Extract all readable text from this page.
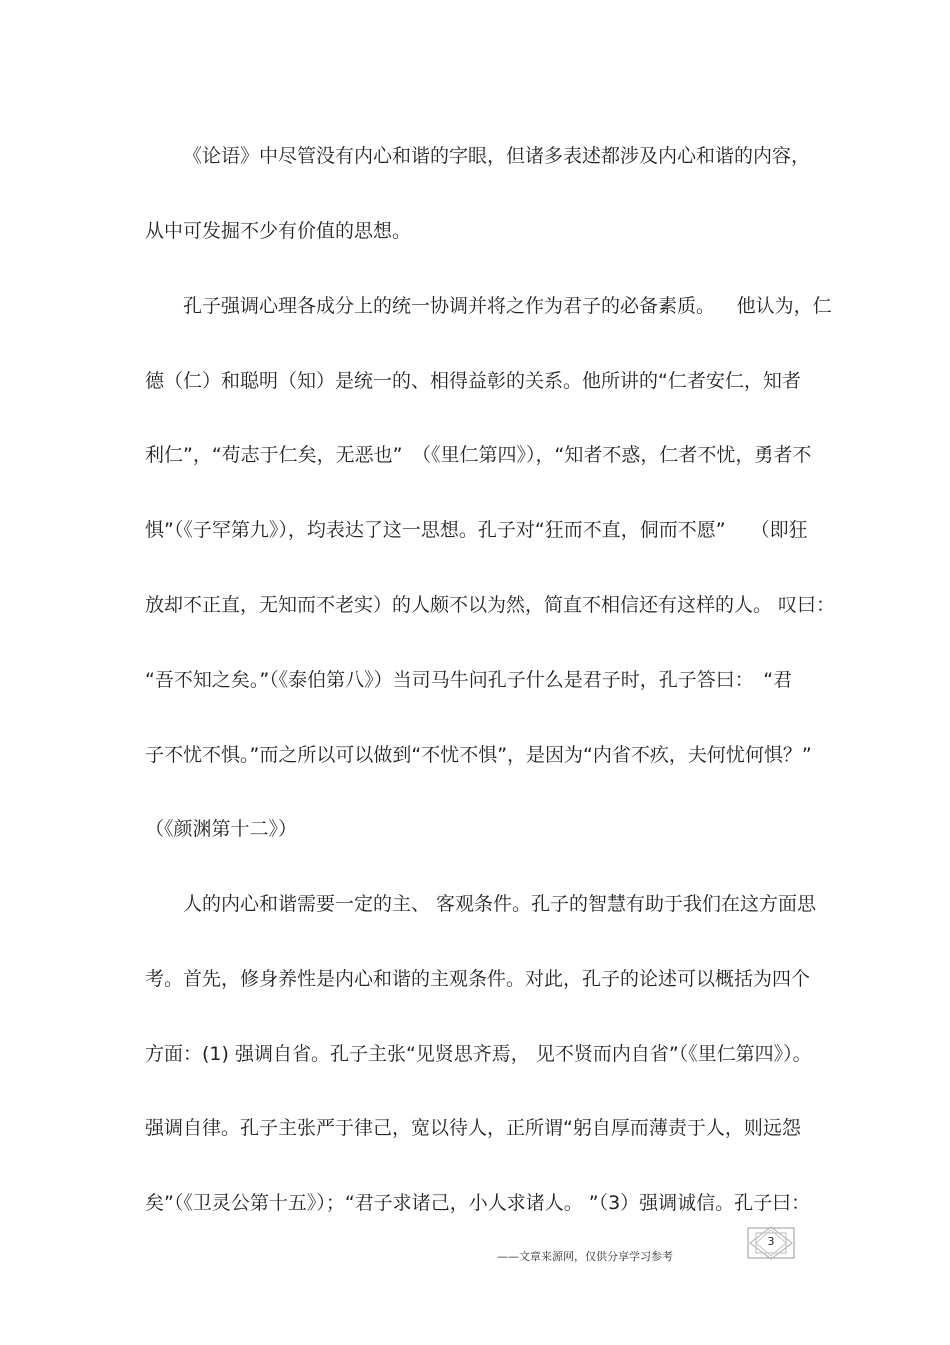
《论语》中尽管没有内心和谐的字眼，但诸多表述都涉及内心和谐的内容，
从中可发掘不少有价值的思想。
孔子强调心理各成分上的统一协调并将之作为君子的必备素质。　  他认为，仁
德（仁）和聪明（知）是统一的、相得益彰的关系。他所讲的“仁者安仁，知者
利仁”，“苟志于仁矣，无恶也”　（《里仁第四》），“知者不惑，仁者不忧，勇者不
惧”（《子罕第九》），均表达了这一思想。孔子对“狂而不直，侗而不愿”　 （即狂
放却不正直，无知而不老实）的人颇不以为然，简直不相信还有这样的人。 叹曰：
“吾不知之矣。”（《泰伯第八》）当司马牛问孔子什么是君子时，孔子答曰：　“君
子不忧不惧。”而之所以可以做到“不忧不惧”，是因为“内省不疚，夫何忧何惧？”
（《颜渊第十二》）
人的内心和谐需要一定的主、 客观条件。孔子的智慧有助于我们在这方面思
考。首先，修身养性是内心和谐的主观条件。对此，孔子的论述可以概括为四个
方面：(1) 强调自省。孔子主张“见贤思齐焉， 见不贤而内自省”（《里仁第四》）。
强调自律。孔子主张严于律己，宽以待人，正所谓“躬自厚而薄责于人，则远怨
矣”（《卫灵公第十五》）；“君子求诸己，小人求诸人。 ”（3）强调诚信。孔子曰：
——文章来源网，仅供分享学习参考
3
